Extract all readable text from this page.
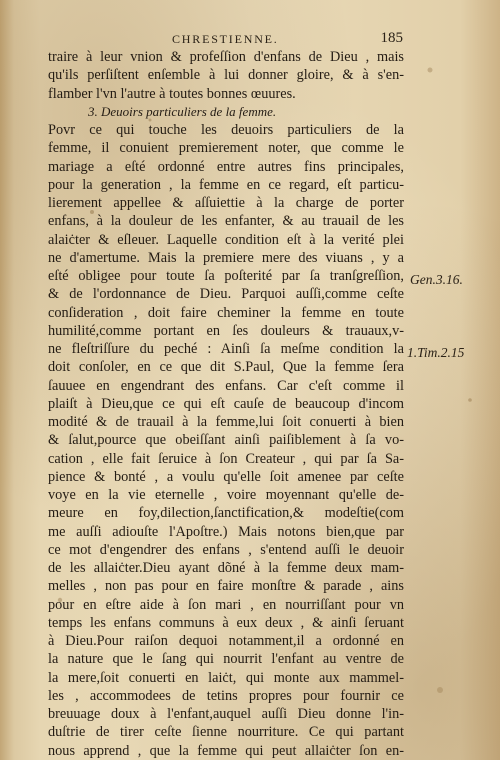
CHRESTIENNE.	185
traire à leur vnion & profeſſion d'enfans de Dieu , mais
qu'ils perſiſtent enſemble à lui donner gloire, & à s'en-
flamber l'vn l'autre à toutes bonnes œuures.
3. Deuoirs particuliers de la femme.
Povr ce qui touche les deuoirs particuliers de la
femme, il conuient premierement noter, que comme le
mariage a eſté ordonné entre autres fins principales,
pour la generation , la femme en ce regard, eſt particu-
lierement appellee & aſſuiettie à la charge de porter
enfans, à la douleur de les enfanter, & au trauail de les
alaiċter & eſleuer. Laquelle condition eſt à la verité plei
ne d'amertume. Mais la premiere mere des viuans , y a
eſté obligee pour toute ſa poſterité par ſa tranſgreſſion,
& de l'ordonnance de Dieu. Parquoi auſſi,comme ceſte
conſideration , doit faire cheminer la femme en toute
humilité,comme portant en ſes douleurs & trauaux,v-
ne fleſtriſſure du peché : Ainſi ſa meſme condition la
doit conſoler, en ce que dit S.Paul, Que la femme ſera
ſauuee en engendrant des enfans. Car c'eſt comme il
plaiſt à Dieu,que ce qui eſt cauſe de beaucoup d'incom
modité & de trauail à la femme,lui ſoit conuerti à bien
& ſalut,pource que obeiſſant ainſi paiſiblement à ſa vo-
cation , elle fait ſeruice à ſon Createur , qui par ſa Sa-
pience & bonté , a voulu qu'elle ſoit amenee par ceſte
voye en la vie eternelle , voire moyennant qu'elle de-
meure en foy,dilection,ſanctification,& modeſtie(com
me auſſi adiouſte l'Apoſtre.) Mais notons bien,que par
ce mot d'engendrer des enfans , s'entend auſſi le deuoir
de les allaiċter.Dieu ayant dõné à la femme deux mam-
melles , non pas pour en faire monſtre & parade , ains
pour en eſtre aide à ſon mari , en nourriſſant pour vn
temps les enfans communs à eux deux , & ainſi ſeruant
à Dieu.Pour raiſon dequoi notamment,il a ordonné en
la nature que le ſang qui nourrit l'enfant au ventre de
la mere,ſoit conuerti en laiċt, qui monte aux mammel-
les , accommodees de tetins propres pour fournir ce
breuuage doux à l'enfant,auquel auſſi Dieu donne l'in-
duſtrie de tirer ceſte ſienne nourriture. Ce qui partant
nous apprend , que la femme qui peut allaiċter ſon en-
Gen.3.16.
1.Tim.2.15
